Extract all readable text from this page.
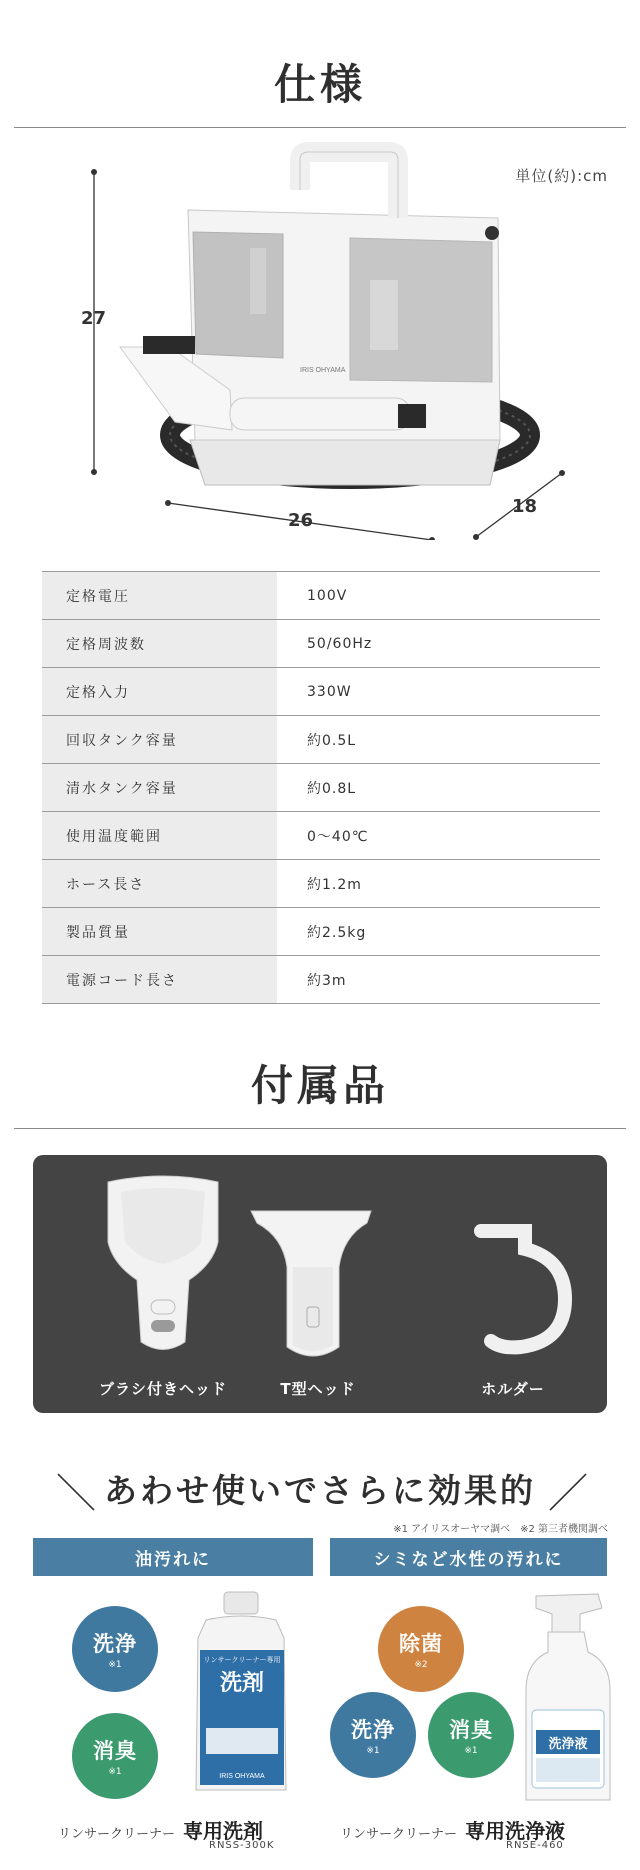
仕様
単位(約):cm
IRIS OHYAMA
27
26
18
定格電圧	100V
定格周波数	50/60Hz
定格入力	330W
回収タンク容量	約0.5L
清水タンク容量	約0.8L
使用温度範囲	0～40℃
ホース長さ	約1.2m
製品質量	約2.5kg
電源コード長さ	約3m
付属品
ブラシ付きヘッド	T型ヘッド	ホルダー
＼ あわせ使いでさらに効果的 ／
※1 アイリスオーヤマ調べ　※2 第三者機関調べ
油汚れに	シミなど水性の汚れに
洗浄
※1
消臭
※1
リンサークリーナー専用
洗剤
IRIS OHYAMA
除菌
※2
洗浄
※1
消臭
※1	洗浄液
リンサークリーナー 専用洗剤
RNSS-300K
リンサークリーナー 専用洗浄液
RNSE-460
